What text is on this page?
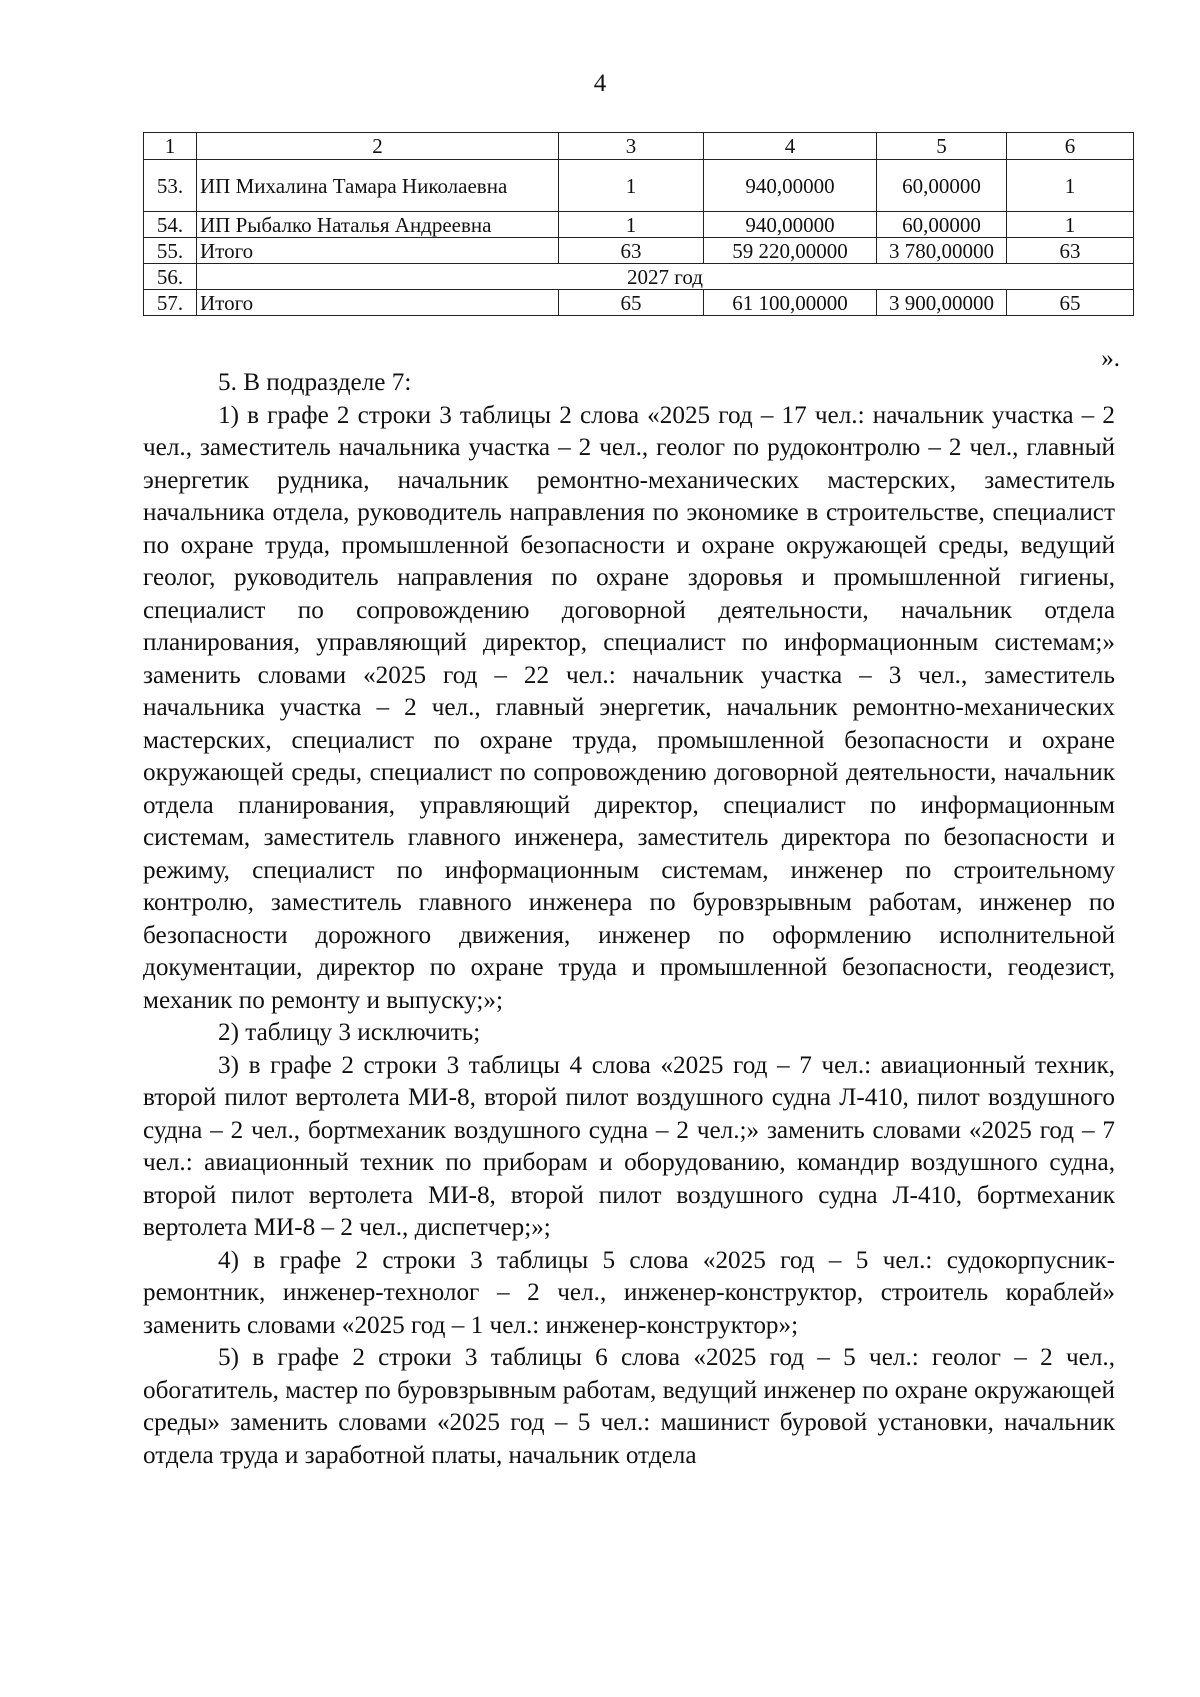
4
1	2	3	4	5	6
53.	ИП Михалина Тамара Николаевна	1	940,00000	60,00000	1
54.	ИП Рыбалко Наталья Андреевна	1	940,00000	60,00000	1
55.	Итого	63	59 220,00000	3 780,00000	63
56.	2027 год				
57.	Итого	65	61 100,00000	3 900,00000	65
».

5. В подразделе 7:

1) в графе 2 строки 3 таблицы 2 слова «2025 год – 17 чел.: начальник участка – 2 чел., заместитель начальника участка – 2 чел., геолог по рудоконтролю – 2 чел., главный энергетик рудника, начальник ремонтно-механических мастерских, заместитель начальника отдела, руководитель направления по экономике в строительстве, специалист по охране труда, промышленной безопасности и охране окружающей среды, ведущий геолог, руководитель направления по охране здоровья и промышленной гигиены, специалист по сопровождению договорной деятельности, начальник отдела планирования, управляющий директор, специалист по информационным системам;» заменить словами «2025 год – 22 чел.: начальник участка – 3 чел., заместитель начальника участка – 2 чел., главный энергетик, начальник ремонтно-механических мастерских, специалист по охране труда, промышленной безопасности и охране окружающей среды, специалист по сопровождению договорной деятельности, начальник отдела планирования, управляющий директор, специалист по информационным системам, заместитель главного инженера, заместитель директора по безопасности и режиму, специалист по информационным системам, инженер по строительному контролю, заместитель главного инженера по буровзрывным работам, инженер по безопасности дорожного движения, инженер по оформлению исполнительной документации, директор по охране труда и промышленной безопасности, геодезист, механик по ремонту и выпуску;»;

2) таблицу 3 исключить;

3) в графе 2 строки 3 таблицы 4 слова «2025 год – 7 чел.: авиационный техник, второй пилот вертолета МИ-8, второй пилот воздушного судна Л-410, пилот воздушного судна – 2 чел., бортмеханик воздушного судна – 2 чел.;» заменить словами «2025 год – 7 чел.: авиационный техник по приборам и оборудованию, командир воздушного судна, второй пилот вертолета МИ-8, второй пилот воздушного судна Л-410, бортмеханик вертолета МИ-8 – 2 чел., диспетчер;»;

4) в графе 2 строки 3 таблицы 5 слова «2025 год – 5 чел.: судокорпусник-ремонтник, инженер-технолог – 2 чел., инженер-конструктор, строитель кораблей» заменить словами «2025 год – 1 чел.: инженер-конструктор»;

5) в графе 2 строки 3 таблицы 6 слова «2025 год – 5 чел.: геолог – 2 чел., обогатитель, мастер по буровзрывным работам, ведущий инженер по охране окружающей среды» заменить словами «2025 год – 5 чел.: машинист буровой установки, начальник отдела труда и заработной платы, начальник отдела
